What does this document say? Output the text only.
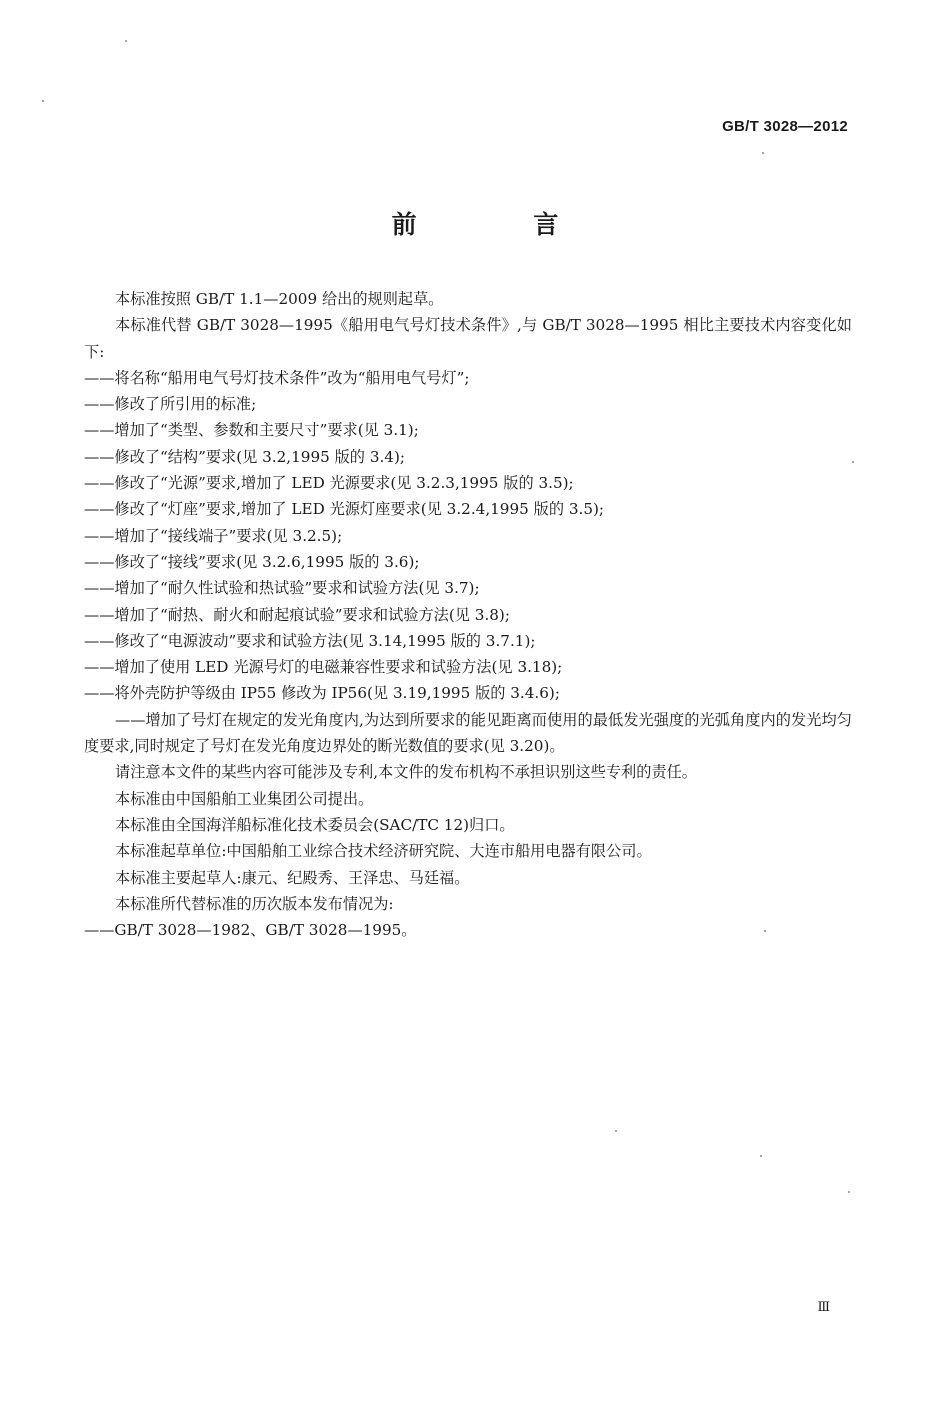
GB/T 3028—2012
前 言

本标准按照 GB/T 1.1—2009 给出的规则起草。

本标准代替 GB/T 3028—1995《船用电气号灯技术条件》,与 GB/T 3028—1995 相比主要技术内容变化如下:

——将名称“船用电气号灯技术条件”改为“船用电气号灯”;

——修改了所引用的标准;

——增加了“类型、参数和主要尺寸”要求(见 3.1);

——修改了“结构”要求(见 3.2,1995 版的 3.4);

——修改了“光源”要求,增加了 LED 光源要求(见 3.2.3,1995 版的 3.5);

——修改了“灯座”要求,增加了 LED 光源灯座要求(见 3.2.4,1995 版的 3.5);

——增加了“接线端子”要求(见 3.2.5);

——修改了“接线”要求(见 3.2.6,1995 版的 3.6);

——增加了“耐久性试验和热试验”要求和试验方法(见 3.7);

——增加了“耐热、耐火和耐起痕试验”要求和试验方法(见 3.8);

——修改了“电源波动”要求和试验方法(见 3.14,1995 版的 3.7.1);

——增加了使用 LED 光源号灯的电磁兼容性要求和试验方法(见 3.18);

——将外壳防护等级由 IP55 修改为 IP56(见 3.19,1995 版的 3.4.6);

——增加了号灯在规定的发光角度内,为达到所要求的能见距离而使用的最低发光强度的光弧角度内的发光均匀度要求,同时规定了号灯在发光角度边界处的断光数值的要求(见 3.20)。

请注意本文件的某些内容可能涉及专利,本文件的发布机构不承担识别这些专利的责任。

本标准由中国船舶工业集团公司提出。

本标准由全国海洋船标准化技术委员会(SAC/TC 12)归口。

本标准起草单位:中国船舶工业综合技术经济研究院、大连市船用电器有限公司。

本标准主要起草人:康元、纪殿秀、王泽忠、马廷福。

本标准所代替标准的历次版本发布情况为:

——GB/T 3028—1982、GB/T 3028—1995。

Ⅲ
